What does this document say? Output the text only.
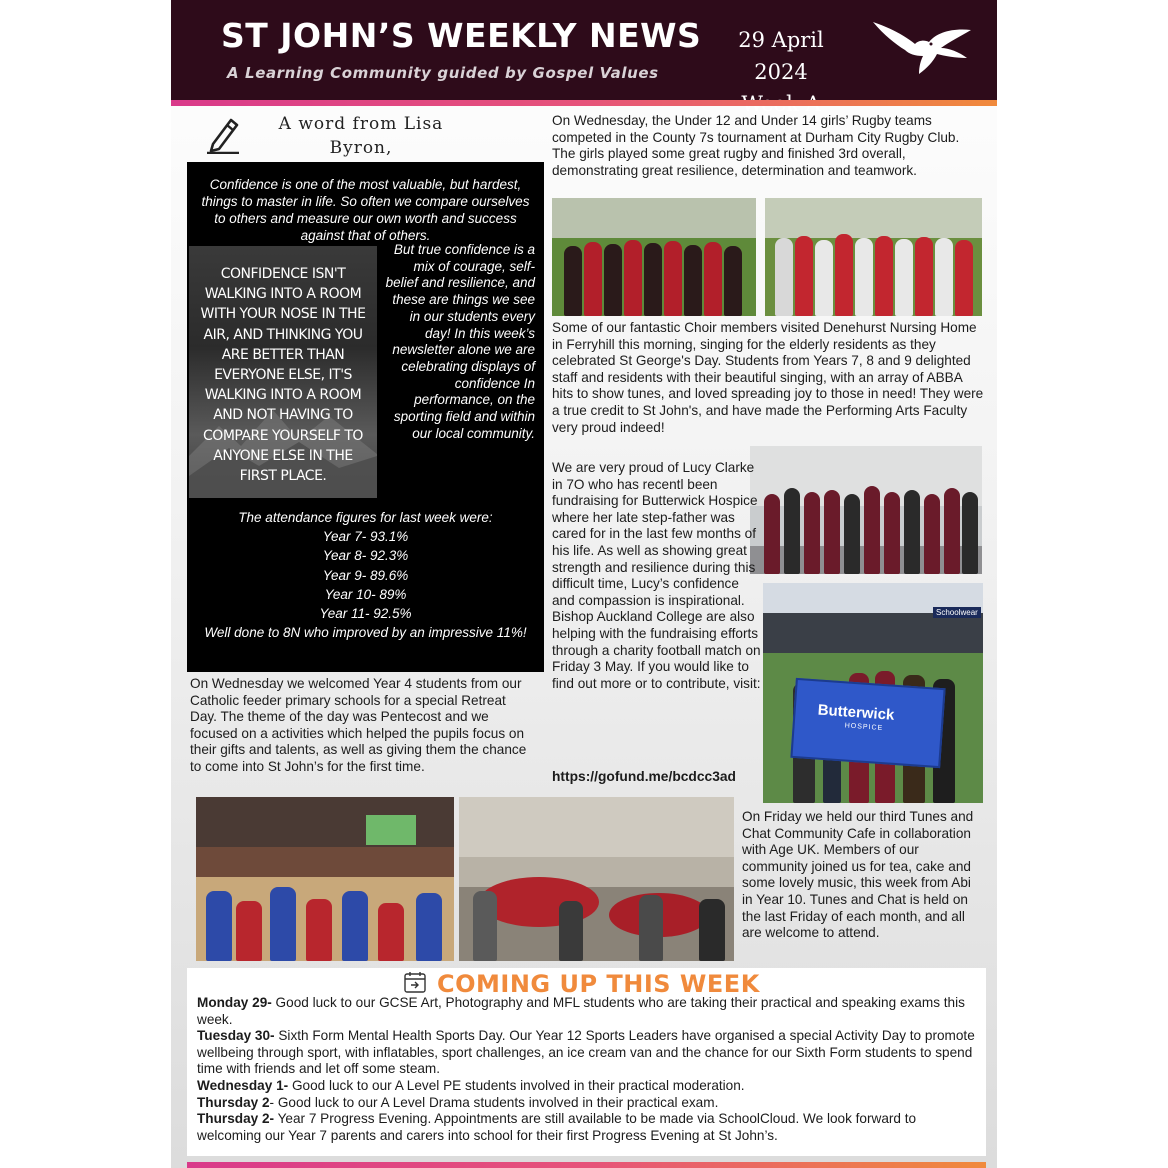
ST JOHN’S WEEKLY NEWS
A Learning Community guided by Gospel Values
29 April 2024
A word from Lisa Byron,
Confidence is one of the most valuable, but hardest, things to master in life. So often we compare ourselves to others and measure our own worth and success against that of others.
CONFIDENCE ISN'T WALKING INTO A ROOM WITH YOUR NOSE IN THE AIR, AND THINKING YOU ARE BETTER THAN EVERYONE ELSE, IT'S WALKING INTO A ROOM AND NOT HAVING TO COMPARE YOURSELF TO ANYONE ELSE IN THE FIRST PLACE.
But true confidence is a mix of courage, self-belief and resilience, and these are things we see in our students every day! In this week’s newsletter alone we are celebrating displays of confidence In performance, on the sporting field and within our local community.
The attendance figures for last week were:
Year 7- 93.1%
Year 8- 92.3%
Year 9- 89.6%
Year 10- 89%
Year 11- 92.5%
Well done to 8N who improved by an impressive 11%!
On Wednesday we welcomed Year 4 students from our Catholic feeder primary schools for a special Retreat Day. The theme of the day was Pentecost and we focused on a activities which helped the pupils focus on their gifts and talents, as well as giving them the chance to come into St John’s for the first time.
On Wednesday, the Under 12 and Under 14 girls’ Rugby teams competed in the County 7s tournament at Durham City Rugby Club. The girls played some great rugby and finished 3rd overall, demonstrating great resilience, determination and teamwork.
Some of our fantastic Choir members visited Denehurst Nursing Home in Ferryhill this morning, singing for the elderly residents as they celebrated St George's Day. Students from Years 7, 8 and 9 delighted staff and residents with their beautiful singing, with an array of ABBA hits to show tunes, and loved spreading joy to those in need! They were a true credit to St John's, and have made the Performing Arts Faculty very proud indeed!
We are very proud of Lucy Clarke in 7O who has recentl been fundraising for Butterwick Hospice where her late step-father was cared for in the last few months of his life. As well as showing great strength and resilience during this difficult time, Lucy’s confidence and compassion is inspirational. Bishop Auckland College are also helping with the fundraising efforts through a charity football match on Friday 3 May. If you would like to find out more or to contribute, visit:
https://gofund.me/bcdcc3ad
Schoolwear
Butterwick
HOSPICE
On Friday we held our third Tunes and Chat Community Cafe in collaboration with Age UK. Members of our community joined us for tea, cake and some lovely music, this week from Abi in Year 10. Tunes and Chat is held on the last Friday of each month, and all are welcome to attend.
COMING UP THIS WEEK
Monday 29- Good luck to our GCSE Art, Photography and MFL students who are taking their practical and speaking exams this week.
Tuesday 30- Sixth Form Mental Health Sports Day. Our Year 12 Sports Leaders have organised a special Activity Day to promote wellbeing through sport, with inflatables, sport challenges, an ice cream van and the chance for our Sixth Form students to spend time with friends and let off some steam.
Wednesday 1- Good luck to our A Level PE students involved in their practical moderation.
Thursday 2- Good luck to our A Level Drama students involved in their practical exam.
Thursday 2- Year 7 Progress Evening. Appointments are still available to be made via SchoolCloud. We look forward to welcoming our Year 7 parents and carers into school for their first Progress Evening at St John’s.
